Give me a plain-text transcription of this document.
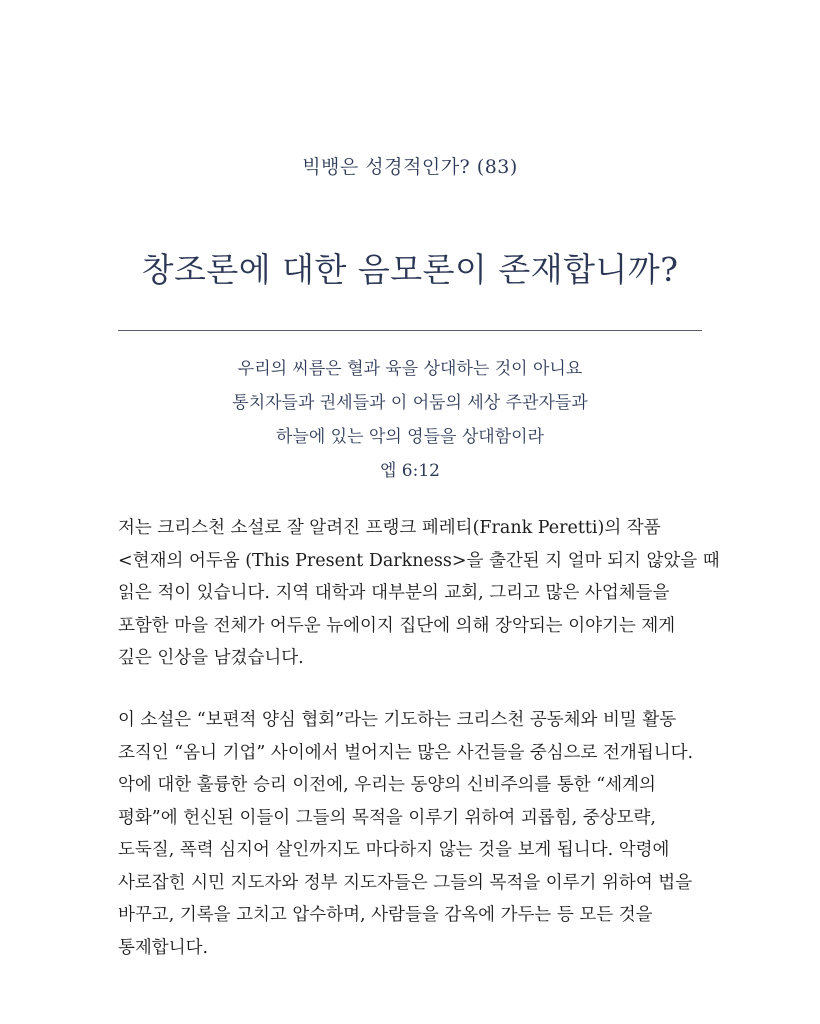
빅뱅은 성경적인가? (83)
창조론에 대한 음모론이 존재합니까?
우리의 씨름은 혈과 육을 상대하는 것이 아니요
통치자들과 권세들과 이 어둠의 세상 주관자들과
하늘에 있는 악의 영들을 상대함이라
엡 6:12
저는 크리스천 소설로 잘 알려진 프랭크 페레티(Frank Peretti)의 작품
<현재의 어두움 (This Present Darkness>을 출간된 지 얼마 되지 않았을 때
읽은 적이 있습니다. 지역 대학과 대부분의 교회, 그리고 많은 사업체들을
포함한 마을 전체가 어두운 뉴에이지 집단에 의해 장악되는 이야기는 제게
깊은 인상을 남겼습니다.
이 소설은 “보편적 양심 협회”라는 기도하는 크리스천 공동체와 비밀 활동
조직인 “옴니 기업” 사이에서 벌어지는 많은 사건들을 중심으로 전개됩니다.
악에 대한 훌륭한 승리 이전에, 우리는 동양의 신비주의를 통한 “세계의
평화”에 헌신된 이들이 그들의 목적을 이루기 위하여 괴롭힘, 중상모략,
도둑질, 폭력 심지어 살인까지도 마다하지 않는 것을 보게 됩니다. 악령에
사로잡힌 시민 지도자와 정부 지도자들은 그들의 목적을 이루기 위하여 법을
바꾸고, 기록을 고치고 압수하며, 사람들을 감옥에 가두는 등 모든 것을
통제합니다.
